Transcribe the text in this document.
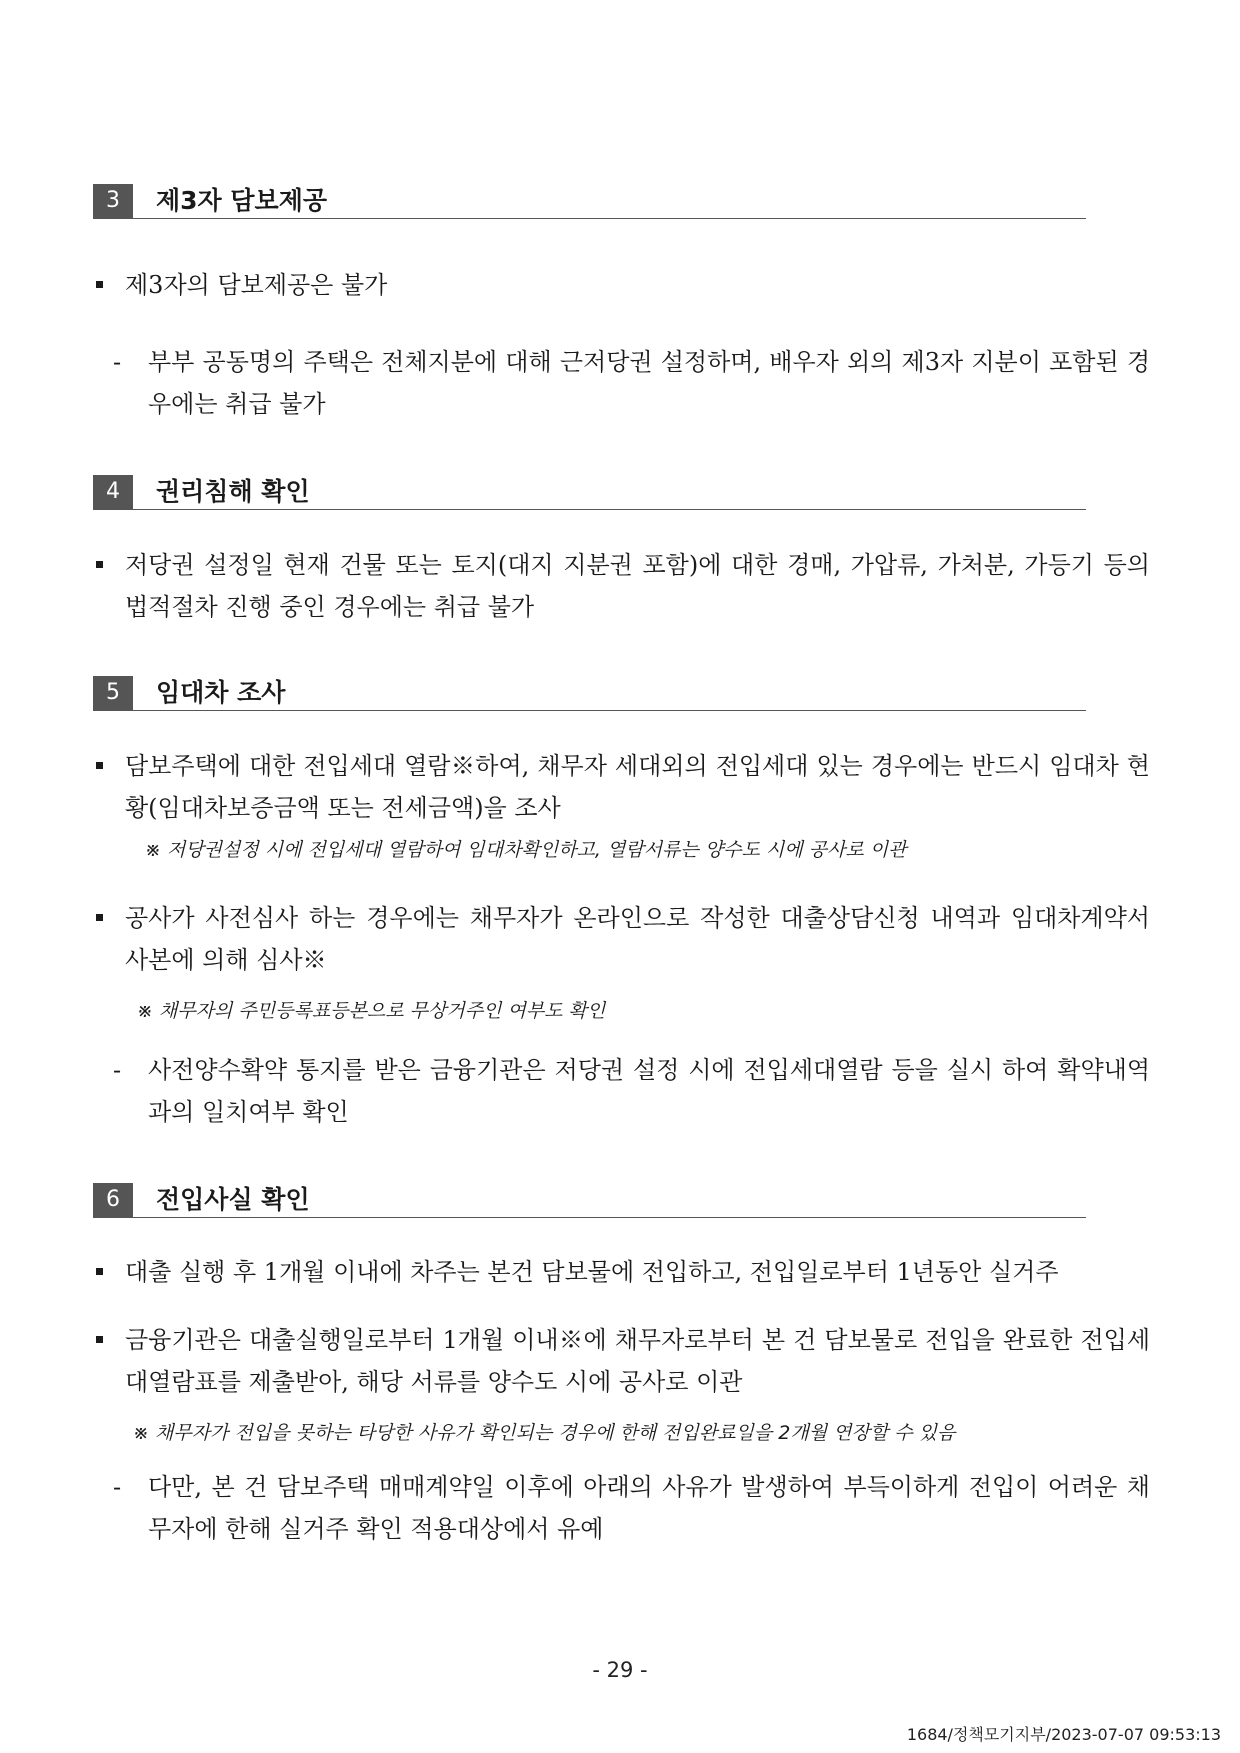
3	제3자 담보제공
제3자의 담보제공은 불가
- 부부 공동명의 주택은 전체지분에 대해 근저당권 설정하며, 배우자 외의 제3자 지분이 포함된 경우에는 취급 불가
4	권리침해 확인
저당권 설정일 현재 건물 또는 토지(대지 지분권 포함)에 대한 경매, 가압류, 가처분, 가등기 등의 법적절차 진행 중인 경우에는 취급 불가
5	임대차 조사
담보주택에 대한 전입세대 열람※하여, 채무자 세대외의 전입세대 있는 경우에는 반드시 임대차 현황(임대차보증금액 또는 전세금액)을 조사
※ 저당권설정 시에 전입세대 열람하여 임대차확인하고, 열람서류는 양수도 시에 공사로 이관
공사가 사전심사 하는 경우에는 채무자가 온라인으로 작성한 대출상담신청 내역과 임대차계약서 사본에 의해 심사※
※ 채무자의 주민등록표등본으로 무상거주인 여부도 확인
- 사전양수확약 통지를 받은 금융기관은 저당권 설정 시에 전입세대열람 등을 실시 하여 확약내역과의 일치여부 확인
6	전입사실 확인
대출 실행 후 1개월 이내에 차주는 본건 담보물에 전입하고, 전입일로부터 1년동안 실거주
금융기관은 대출실행일로부터 1개월 이내※에 채무자로부터 본 건 담보물로 전입을 완료한 전입세대열람표를 제출받아, 해당 서류를 양수도 시에 공사로 이관
※ 채무자가 전입을 못하는 타당한 사유가 확인되는 경우에 한해 전입완료일을 2개월 연장할 수 있음
- 다만, 본 건 담보주택 매매계약일 이후에 아래의 사유가 발생하여 부득이하게 전입이 어려운 채무자에 한해 실거주 확인 적용대상에서 유예
- 29 -
1684/정책모기지부/2023-07-07 09:53:13
